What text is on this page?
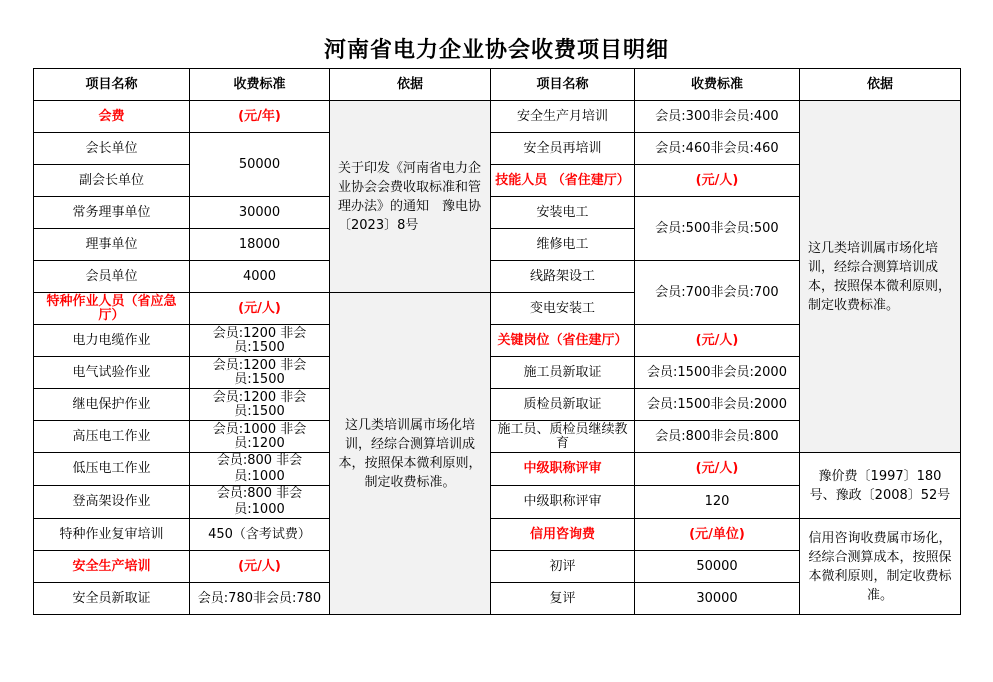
河南省电力企业协会收费项目明细
项目名称	收费标准	依据	项目名称	收费标准	依据
会费	(元/年)	关于印发《河南省电力企业协会会费收取标准和管理办法》的通知　豫电协〔2023〕8号	安全生产月培训	会员:300非会员:400	这几类培训属市场化培训，经综合测算培训成本，按照保本微利原则，制定收费标准。
会长单位	50000		安全员再培训	会员:460非会员:460	
副会长单位			技能人员 （省住建厅）	(元/人)	
常务理事单位	30000		安装电工	会员:500非会员:500	
理事单位	18000		维修电工		
会员单位	4000		线路架设工	会员:700非会员:700	
特种作业人员（省应急厅）	(元/人)	这几类培训属市场化培训，经综合测算培训成本，按照保本微利原则，制定收费标准。	变电安装工		
电力电缆作业	会员:1200 非会员:1500		关键岗位（省住建厅）	(元/人)	
电气试验作业	会员:1200 非会员:1500		施工员新取证	会员:1500非会员:2000	
继电保护作业	会员:1200 非会员:1500		质检员新取证	会员:1500非会员:2000	
高压电工作业	会员:1000 非会员:1200		施工员、质检员继续教育	会员:800非会员:800	
低压电工作业	会员:800 非会员:1000		中级职称评审	(元/人)	豫价费〔1997〕180号、豫政〔2008〕52号
登高架设作业	会员:800 非会员:1000		中级职称评审	120	
特种作业复审培训	450（含考试费）		信用咨询费	(元/单位)	信用咨询收费属市场化，经综合测算成本，按照保本微利原则，制定收费标准。
安全生产培训	(元/人)		初评	50000	
安全员新取证	会员:780非会员:780		复评	30000	
